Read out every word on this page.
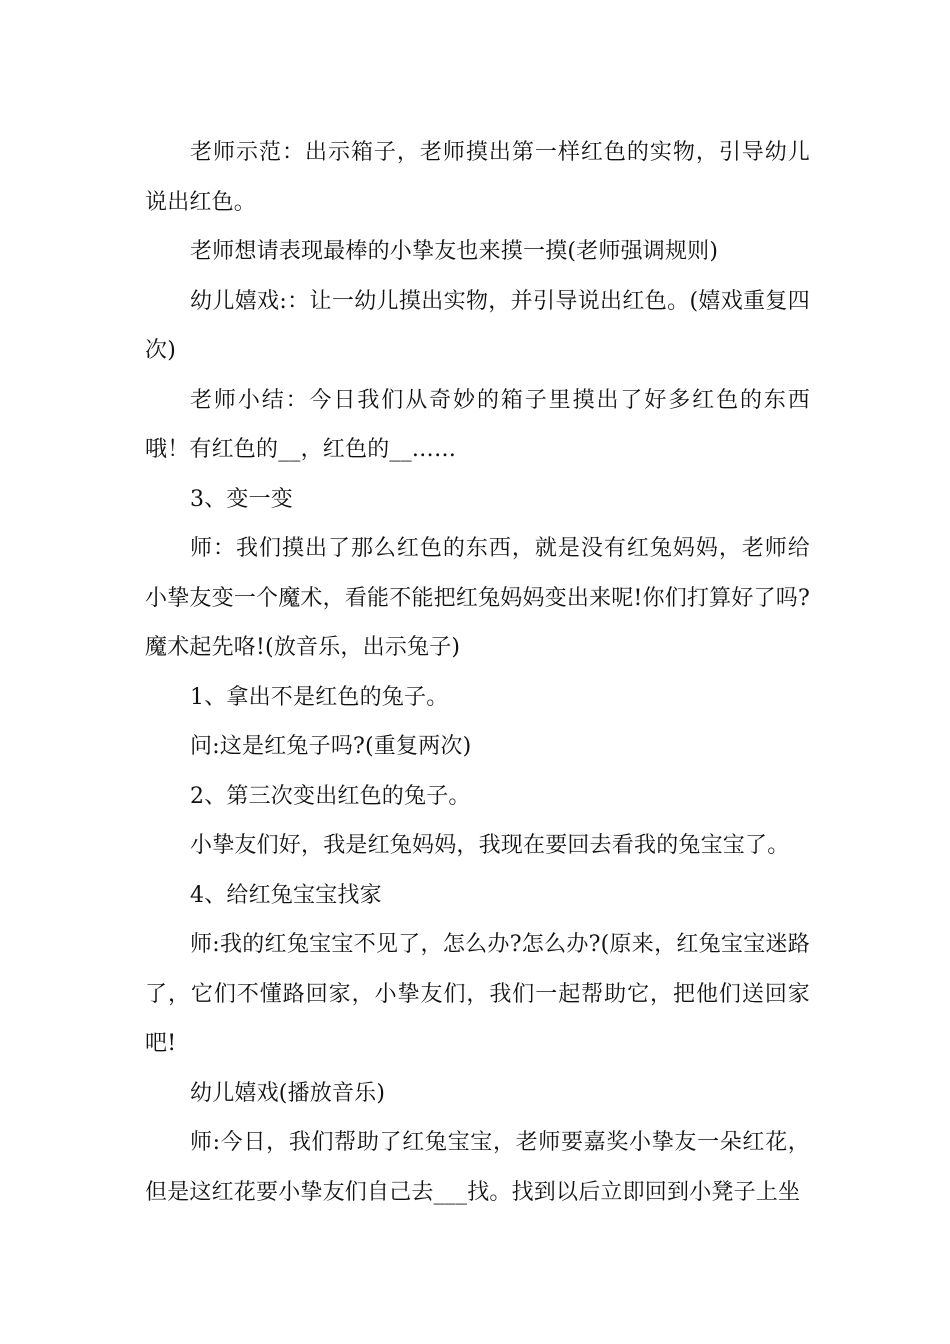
老师示范：出示箱子，老师摸出第一样红色的实物，引导幼儿说出红色。

老师想请表现最棒的小挚友也来摸一摸(老师强调规则)

幼儿嬉戏:：让一幼儿摸出实物，并引导说出红色。(嬉戏重复四次)

老师小结：今日我们从奇妙的箱子里摸出了好多红色的东西哦！有红色的__，红色的__……

3、变一变

师：我们摸出了那么红色的东西，就是没有红兔妈妈，老师给小挚友变一个魔术，看能不能把红兔妈妈变出来呢!你们打算好了吗?魔术起先咯!(放音乐，出示兔子)

1、拿出不是红色的兔子。

问:这是红兔子吗?(重复两次)

2、第三次变出红色的兔子。

小挚友们好，我是红兔妈妈，我现在要回去看我的兔宝宝了。

4、给红兔宝宝找家

师:我的红兔宝宝不见了，怎么办?怎么办?(原来，红兔宝宝迷路了，它们不懂路回家，小挚友们，我们一起帮助它，把他们送回家吧!

幼儿嬉戏(播放音乐)

师:今日，我们帮助了红兔宝宝，老师要嘉奖小挚友一朵红花，但是这红花要小挚友们自己去___找。找到以后立即回到小凳子上坐
